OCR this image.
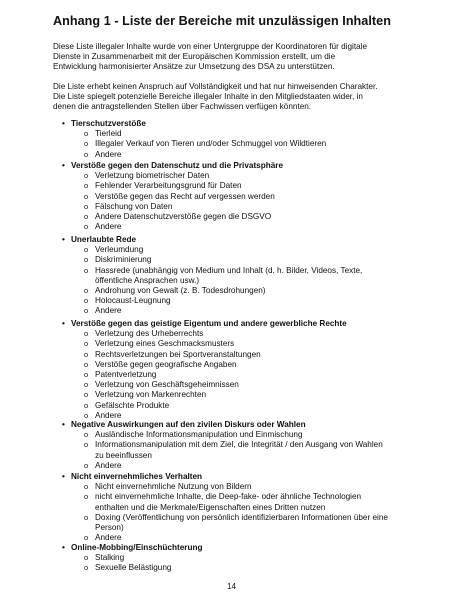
Anhang 1 - Liste der Bereiche mit unzulässigen Inhalten
Diese Liste illegaler Inhalte wurde von einer Untergruppe der Koordinatoren für digitale
Dienste in Zusammenarbeit mit der Europäischen Kommission erstellt, um die
Entwicklung harmonisierter Ansätze zur Umsetzung des DSA zu unterstützen.
Die Liste erhebt keinen Anspruch auf Vollständigkeit und hat nur hinweisenden Charakter.
Die Liste spiegelt potenzielle Bereiche illegaler Inhalte in den Mitgliedstaaten wider, in
denen die antragstellenden Stellen über Fachwissen verfügen könnten.
• Tierschutzverstöße
o Tierleid
o Illegaler Verkauf von Tieren und/oder Schmuggel von Wildtieren
o Andere
• Verstöße gegen den Datenschutz und die Privatsphäre
o Verletzung biometrischer Daten
o Fehlender Verarbeitungsgrund für Daten
o Verstöße gegen das Recht auf vergessen werden
o Fälschung von Daten
o Andere Datenschutzverstöße gegen die DSGVO
o Andere
• Unerlaubte Rede
o Verleumdung
o Diskriminierung
o Hassrede (unabhängig von Medium und Inhalt (d. h. Bilder, Videos, Texte,
öffentliche Ansprachen usw.)
o Androhung von Gewalt (z. B. Todesdrohungen)
o Holocaust-Leugnung
o Andere
• Verstöße gegen das geistige Eigentum und andere gewerbliche Rechte
o Verletzung des Urheberrechts
o Verletzung eines Geschmacksmusters
o Rechtsverletzungen bei Sportveranstaltungen
o Verstöße gegen geografische Angaben
o Patentverletzung
o Verletzung von Geschäftsgeheimnissen
o Verletzung von Markenrechten
o Gefälschte Produkte
o Andere
• Negative Auswirkungen auf den zivilen Diskurs oder Wahlen
o Ausländische Informationsmanipulation und Einmischung
o Informationsmanipulation mit dem Ziel, die Integrität / den Ausgang von Wahlen
zu beeinflussen
o Andere
• Nicht einvernehmliches Verhalten
o Nicht einvernehmliche Nutzung von Bildern
o nicht einvernehmliche Inhalte, die Deep-fake- oder ähnliche Technologien
enthalten und die Merkmale/Eigenschaften eines Dritten nutzen
o Doxing (Veröffentlichung von persönlich identifizierbaren Informationen über eine
Person)
o Andere
• Online-Mobbing/Einschüchterung
o Stalking
o Sexuelle Belästigung
14
